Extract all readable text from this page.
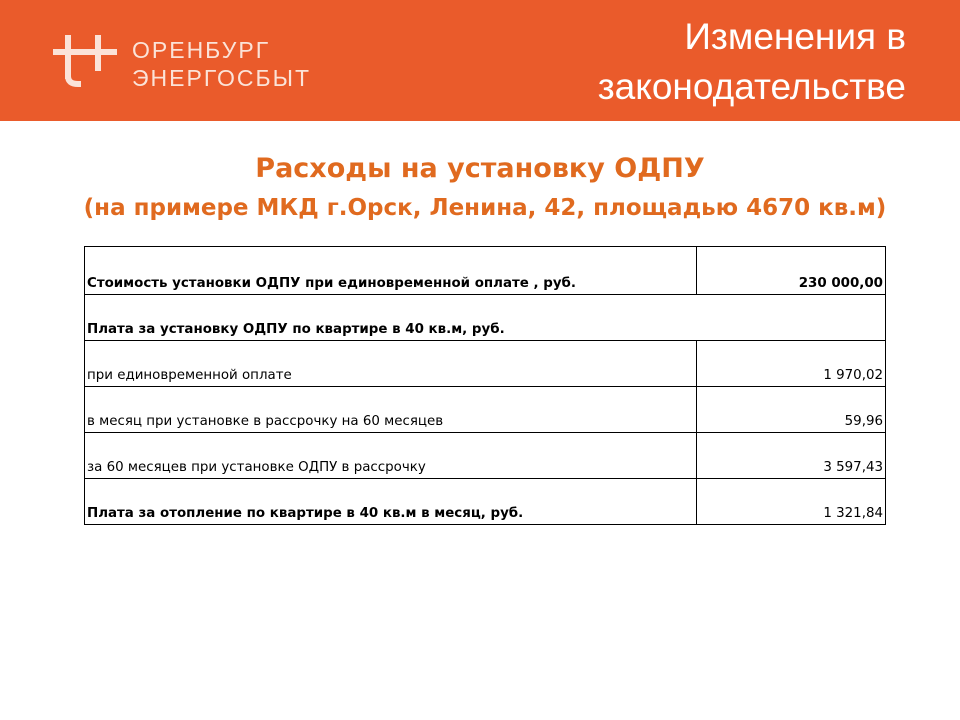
ОРЕНБУРГ
ЭНЕРГОСБЫТ
Изменения в
законодательстве
Расходы на установку ОДПУ
(на примере МКД г.Орск, Ленина, 42, площадью 4670 кв.м)
Стоимость установки ОДПУ при единовременной оплате , руб.	230 000,00
Плата за установку ОДПУ по квартире в 40 кв.м, руб.	
при единовременной оплате	1 970,02
в месяц при установке в рассрочку на 60 месяцев	59,96
за 60 месяцев при установке ОДПУ в рассрочку	3 597,43
Плата за отопление по квартире в 40 кв.м в месяц, руб.	1 321,84
